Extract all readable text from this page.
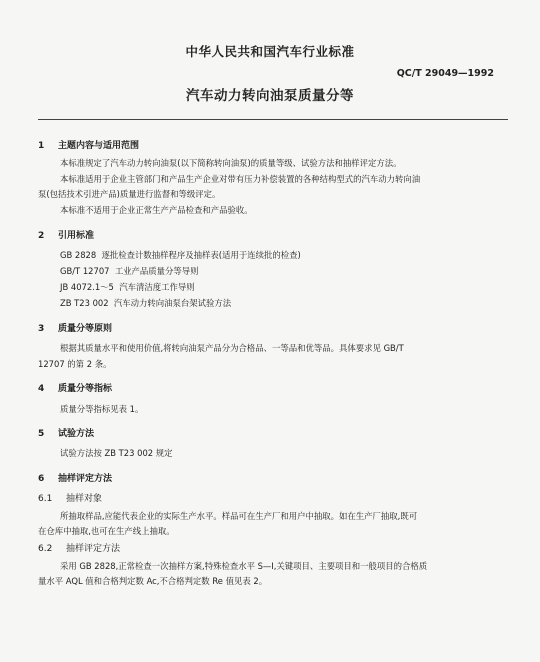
中华人民共和国汽车行业标准
QC/T 29049—1992
汽车动力转向油泵质量分等
1 主题内容与适用范围
本标准规定了汽车动力转向油泵(以下简称转向油泵)的质量等级、试验方法和抽样评定方法。
本标准适用于企业主管部门和产品生产企业对带有压力补偿装置的各种结构型式的汽车动力转向油
泵(包括技术引进产品)质量进行监督和等级评定。
本标准不适用于企业正常生产产品检查和产品验收。
2 引用标准
GB 2828 逐批检查计数抽样程序及抽样表(适用于连续批的检查)
GB/T 12707 工业产品质量分等导则
JB 4072.1～5 汽车清洁度工作导则
ZB T23 002 汽车动力转向油泵台架试验方法
3 质量分等原则
根据其质量水平和使用价值,将转向油泵产品分为合格品、一等品和优等品。具体要求见 GB/T
12707 的第 2 条。
4 质量分等指标
质量分等指标见表 1。
5 试验方法
试验方法按 ZB T23 002 规定
6 抽样评定方法
6.1 抽样对象
所抽取样品,应能代表企业的实际生产水平。样品可在生产厂和用户中抽取。如在生产厂抽取,既可
在仓库中抽取,也可在生产线上抽取。
6.2 抽样评定方法
采用 GB 2828,正常检查一次抽样方案,特殊检查水平 S—Ⅰ,关键项目、主要项目和一般项目的合格质
量水平 AQL 值和合格判定数 Ac,不合格判定数 Re 值见表 2。
